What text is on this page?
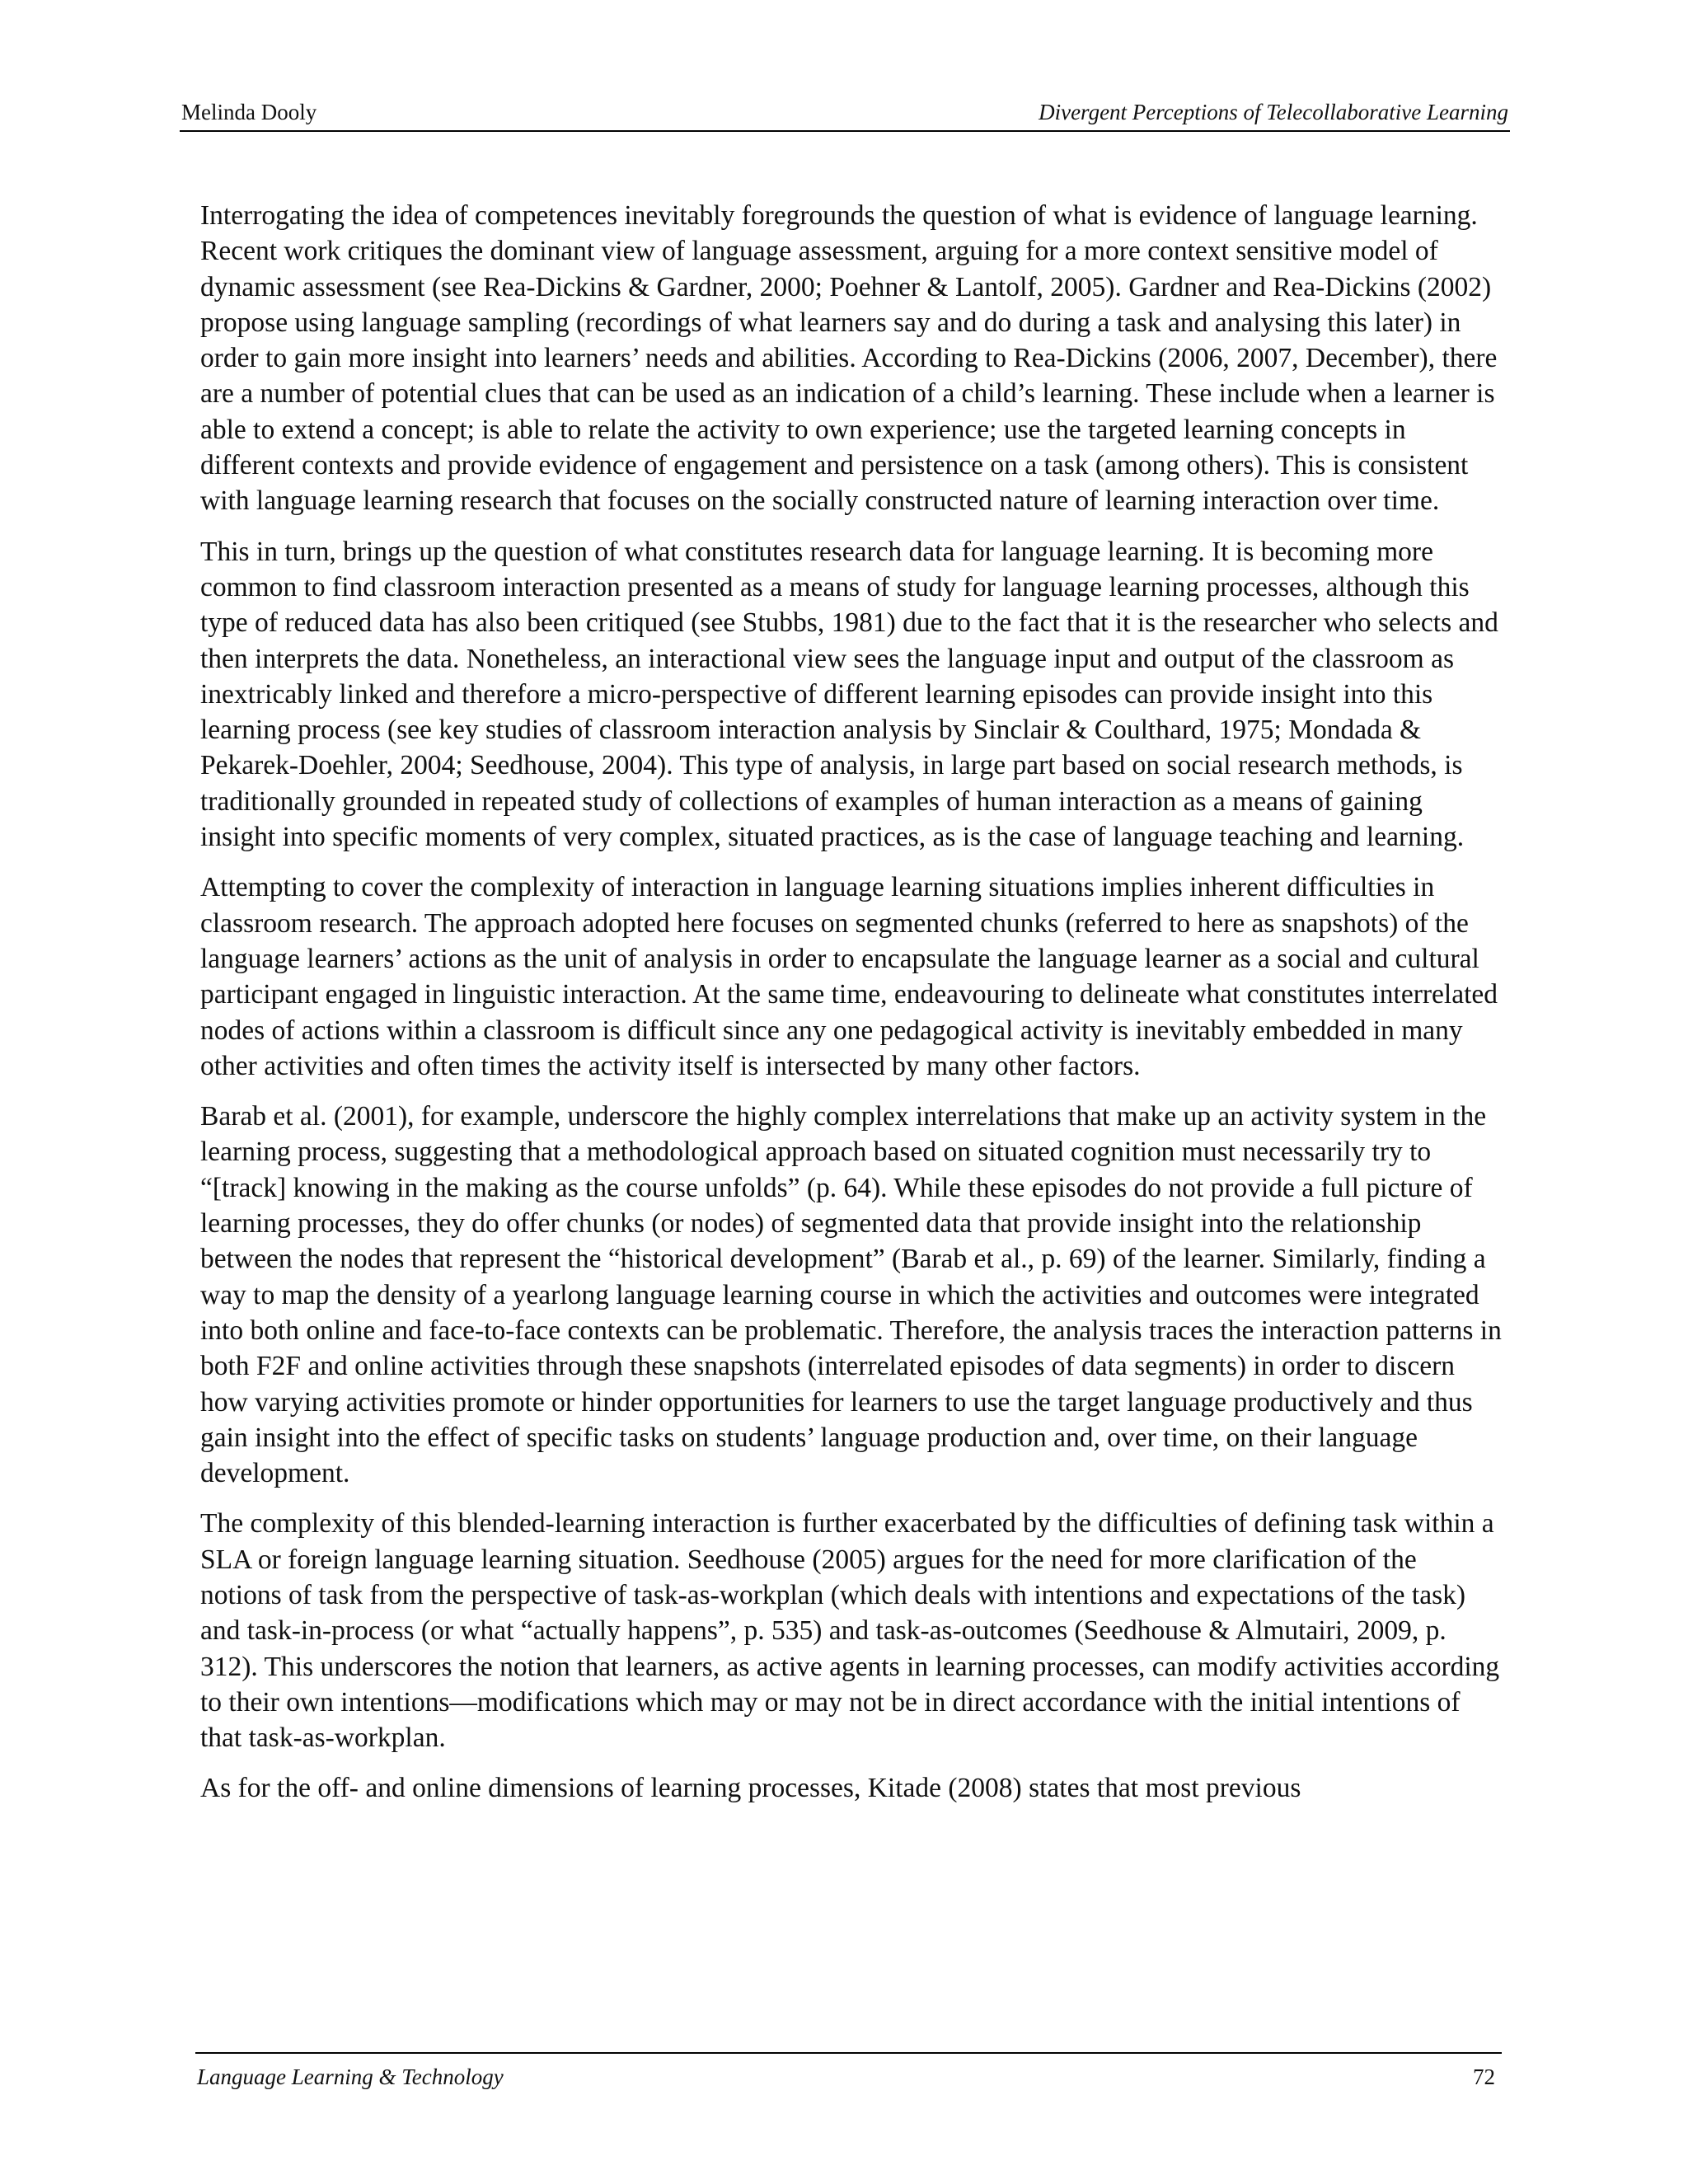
Melinda Dooly	Divergent Perceptions of Telecollaborative Learning

Interrogating the idea of competences inevitably foregrounds the question of what is evidence of language learning. Recent work critiques the dominant view of language assessment, arguing for a more context sensitive model of dynamic assessment (see Rea-Dickins & Gardner, 2000; Poehner & Lantolf, 2005). Gardner and Rea-Dickins (2002) propose using language sampling (recordings of what learners say and do during a task and analysing this later) in order to gain more insight into learners’ needs and abilities. According to Rea-Dickins (2006, 2007, December), there are a number of potential clues that can be used as an indication of a child’s learning. These include when a learner is able to extend a concept; is able to relate the activity to own experience; use the targeted learning concepts in different contexts and provide evidence of engagement and persistence on a task (among others). This is consistent with language learning research that focuses on the socially constructed nature of learning interaction over time.

This in turn, brings up the question of what constitutes research data for language learning. It is becoming more common to find classroom interaction presented as a means of study for language learning processes, although this type of reduced data has also been critiqued (see Stubbs, 1981) due to the fact that it is the researcher who selects and then interprets the data. Nonetheless, an interactional view sees the language input and output of the classroom as inextricably linked and therefore a micro-perspective of different learning episodes can provide insight into this learning process (see key studies of classroom interaction analysis by Sinclair & Coulthard, 1975; Mondada & Pekarek-Doehler, 2004; Seedhouse, 2004). This type of analysis, in large part based on social research methods, is traditionally grounded in repeated study of collections of examples of human interaction as a means of gaining insight into specific moments of very complex, situated practices, as is the case of language teaching and learning.

Attempting to cover the complexity of interaction in language learning situations implies inherent difficulties in classroom research. The approach adopted here focuses on segmented chunks (referred to here as snapshots) of the language learners’ actions as the unit of analysis in order to encapsulate the language learner as a social and cultural participant engaged in linguistic interaction. At the same time, endeavouring to delineate what constitutes interrelated nodes of actions within a classroom is difficult since any one pedagogical activity is inevitably embedded in many other activities and often times the activity itself is intersected by many other factors.

Barab et al. (2001), for example, underscore the highly complex interrelations that make up an activity system in the learning process, suggesting that a methodological approach based on situated cognition must necessarily try to “[track] knowing in the making as the course unfolds” (p. 64). While these episodes do not provide a full picture of learning processes, they do offer chunks (or nodes) of segmented data that provide insight into the relationship between the nodes that represent the “historical development” (Barab et al., p. 69) of the learner. Similarly, finding a way to map the density of a yearlong language learning course in which the activities and outcomes were integrated into both online and face-to-face contexts can be problematic. Therefore, the analysis traces the interaction patterns in both F2F and online activities through these snapshots (interrelated episodes of data segments) in order to discern how varying activities promote or hinder opportunities for learners to use the target language productively and thus gain insight into the effect of specific tasks on students’ language production and, over time, on their language development.

The complexity of this blended-learning interaction is further exacerbated by the difficulties of defining task within a SLA or foreign language learning situation. Seedhouse (2005) argues for the need for more clarification of the notions of task from the perspective of task-as-workplan (which deals with intentions and expectations of the task) and task-in-process (or what “actually happens”, p. 535) and task-as-outcomes (Seedhouse & Almutairi, 2009, p. 312). This underscores the notion that learners, as active agents in learning processes, can modify activities according to their own intentions—modifications which may or may not be in direct accordance with the initial intentions of that task-as-workplan.

As for the off- and online dimensions of learning processes, Kitade (2008) states that most previous

Language Learning & Technology	72
